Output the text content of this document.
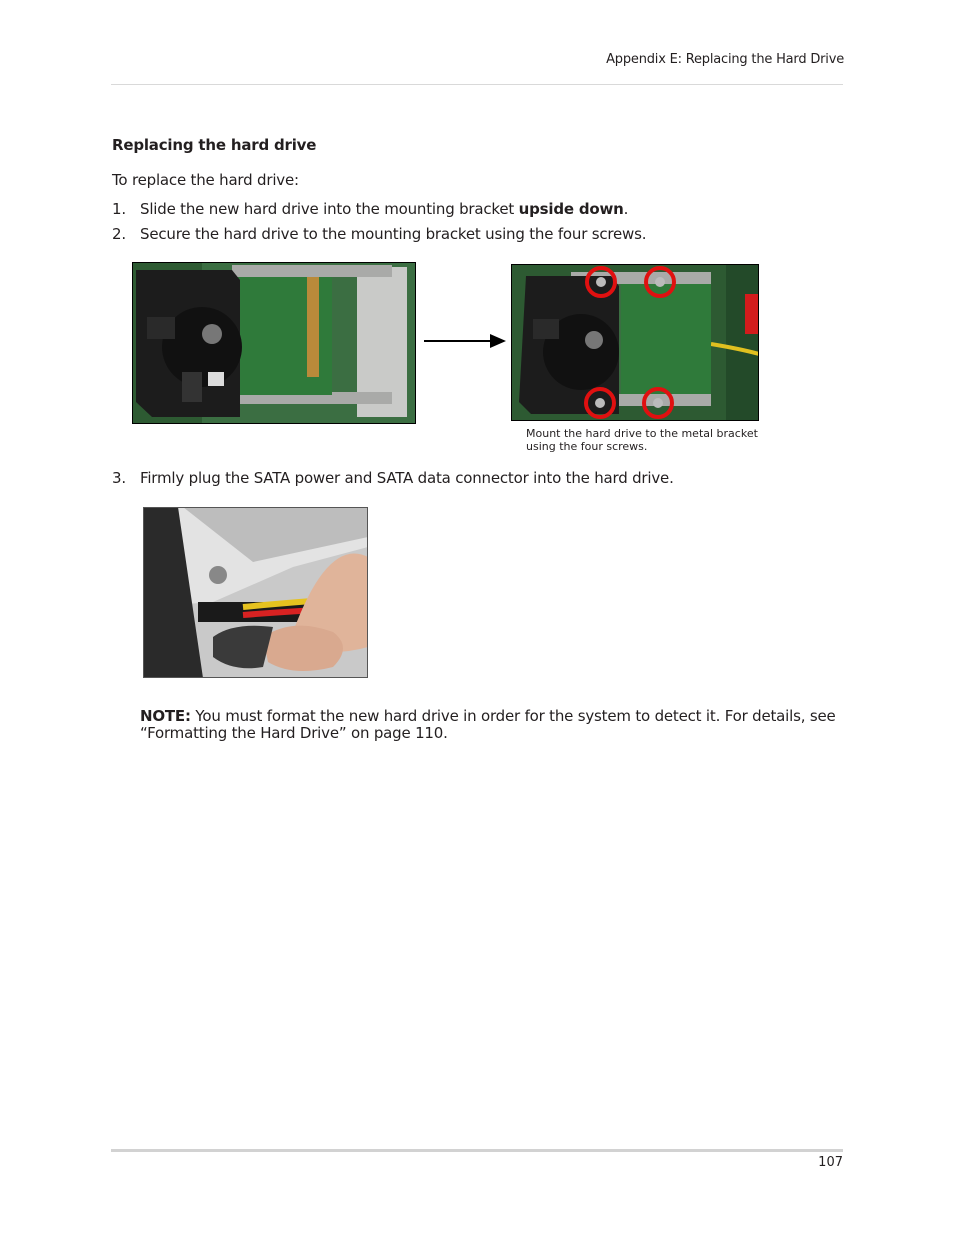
Appendix E: Replacing the Hard Drive
Replacing the hard drive
To replace the hard drive:
1. Slide the new hard drive into the mounting bracket upside down.
2. Secure the hard drive to the mounting bracket using the four screws.
Mount the hard drive to the metal bracket using the four screws.
3. Firmly plug the SATA power and SATA data connector into the hard drive.
NOTE: You must format the new hard drive in order for the system to detect it. For details, see “Formatting the Hard Drive” on page 110.
107
